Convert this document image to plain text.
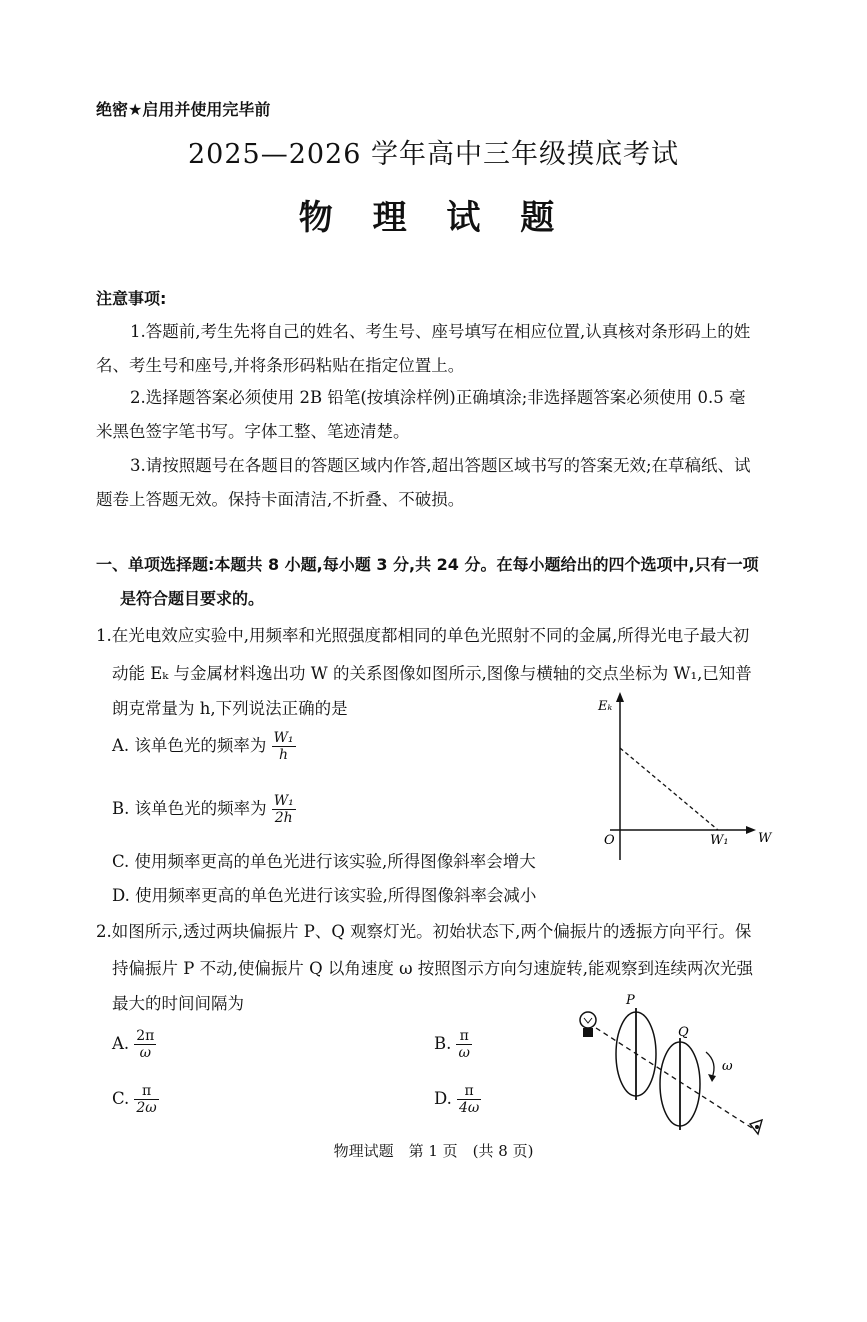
绝密★启用并使用完毕前
2025—2026 学年高中三年级摸底考试
物 理 试 题
注意事项:
1.答题前,考生先将自己的姓名、考生号、座号填写在相应位置,认真核对条形码上的姓
名、考生号和座号,并将条形码粘贴在指定位置上。
2.选择题答案必须使用 2B 铅笔(按填涂样例)正确填涂;非选择题答案必须使用 0.5 毫
米黑色签字笔书写。字体工整、笔迹清楚。
3.请按照题号在各题目的答题区域内作答,超出答题区域书写的答案无效;在草稿纸、试
题卷上答题无效。保持卡面清洁,不折叠、不破损。
一、单项选择题:本题共 8 小题,每小题 3 分,共 24 分。在每小题给出的四个选项中,只有一项
是符合题目要求的。
1.在光电效应实验中,用频率和光照强度都相同的单色光照射不同的金属,所得光电子最大初
动能 Eₖ 与金属材料逸出功 W 的关系图像如图所示,图像与横轴的交点坐标为 W₁,已知普
朗克常量为 h,下列说法正确的是
A. 该单色光的频率为 $\frac{\text{W₁}}{h}$
B. 该单色光的频率为 $\frac{\text{W₁}}{2h}$
C. 使用频率更高的单色光进行该实验,所得图像斜率会增大
D. 使用频率更高的单色光进行该实验,所得图像斜率会减小
Eₖ
O	W₁ W
2.如图所示,透过两块偏振片 P、Q 观察灯光。初始状态下,两个偏振片的透振方向平行。保
持偏振片 P 不动,使偏振片 Q 以角速度 ω 按照图示方向匀速旋转,能观察到连续两次光强
最大的时间间隔为
A. $\frac{2\pi}{\omega}$	B. $\frac{\pi}{\omega}$
C. $\frac{\pi}{2\omega}$	D. $\frac{\pi}{4\omega}$
P
Q
ω
物理试题　第 1 页　(共 8 页)
